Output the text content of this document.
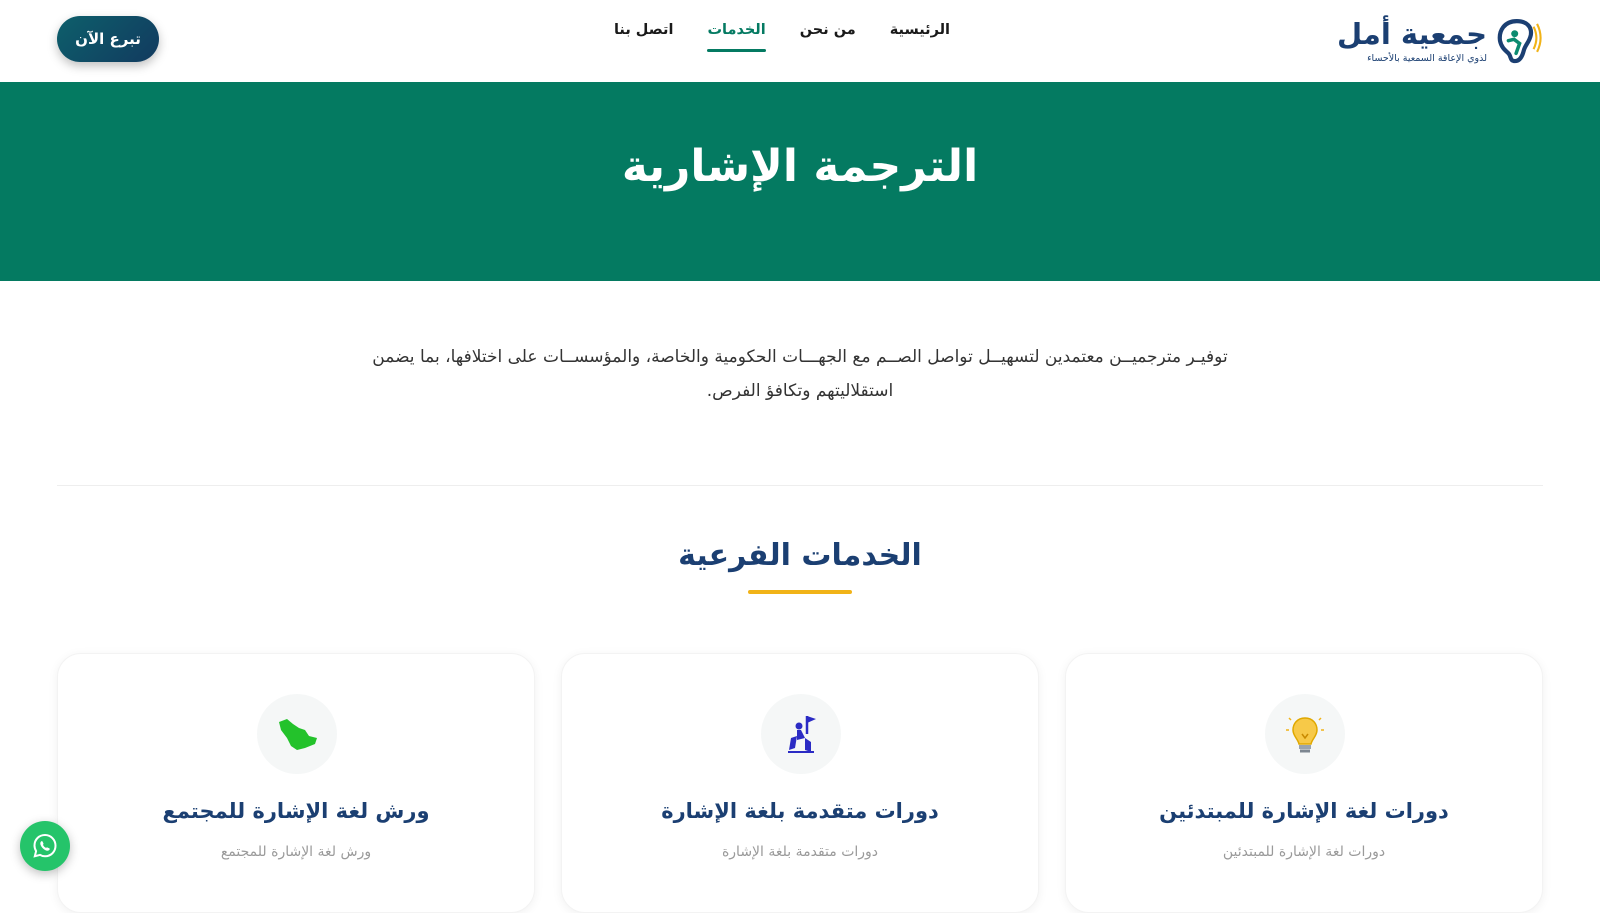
جمعية أمل
لذوي الإعاقة السمعية بالأحساء
الرئيسية
من نحن
الخدمات
اتصل بنا
تبرع الآن
الترجمة الإشارية

توفيـر مترجميــن معتمدين لتسهيــل تواصل الصــم مع الجهـــات الحكومية والخاصة، والمؤسســات على اختلافها، بما يضمن استقلاليتهم وتكافؤ الفرص.

الخدمات الفرعية
دورات لغة الإشارة للمبتدئين

دورات لغة الإشارة للمبتدئين

دورات متقدمة بلغة الإشارة

دورات متقدمة بلغة الإشارة

ورش لغة الإشارة للمجتمع

ورش لغة الإشارة للمجتمع
